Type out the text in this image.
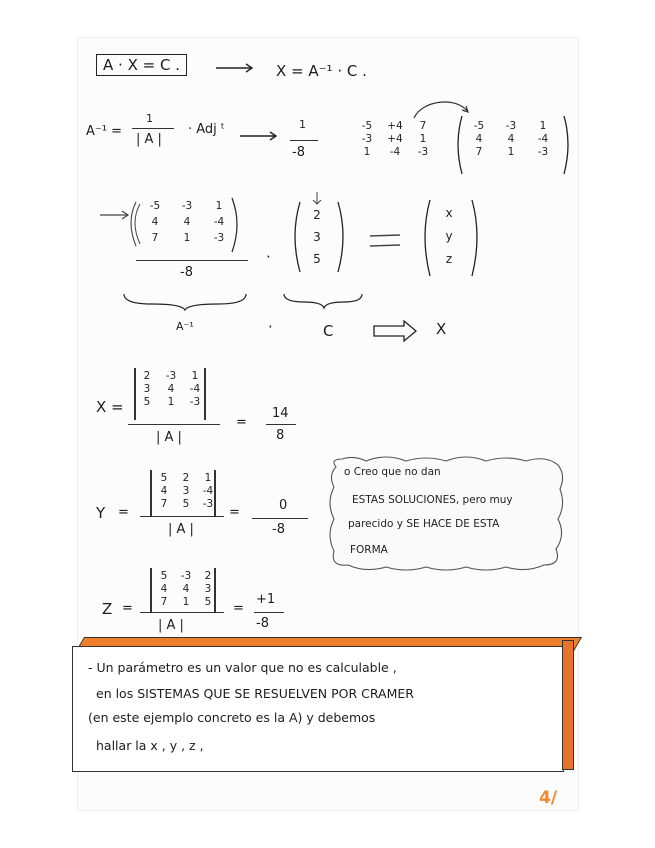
A · X = C .	X = A⁻¹ · C .
A⁻¹ =
1
| A |
· Adj ᵗ	1
-8
-5	+4	7
-3	+4	1
1	-4	-3
-5	-3	1
4	4	-4
7	1	-3
-5	-3	1
4	4	-4
7	1	-3
-8
·
2
3
5
x
y
z
A⁻¹	·	C	X
X =
2	-3	1
3	4	-4
5	1	-3
| A |
=
14
8
o Creo que no dan
ESTAS SOLUCIONES, pero muy
parecido y SE HACE DE ESTA
FORMA
Y =
5	2	1
4	3	-4
7	5	-3
| A |
=	0
-8
Z =
5	-3	2
4	4	3
7	1	5
| A |
=
+1
-8
- Un parámetro es un valor que no es calculable ,
en los SISTEMAS QUE SE RESUELVEN POR CRAMER
(en este ejemplo concreto es la A) y debemos
hallar la x , y , z ,
4/
